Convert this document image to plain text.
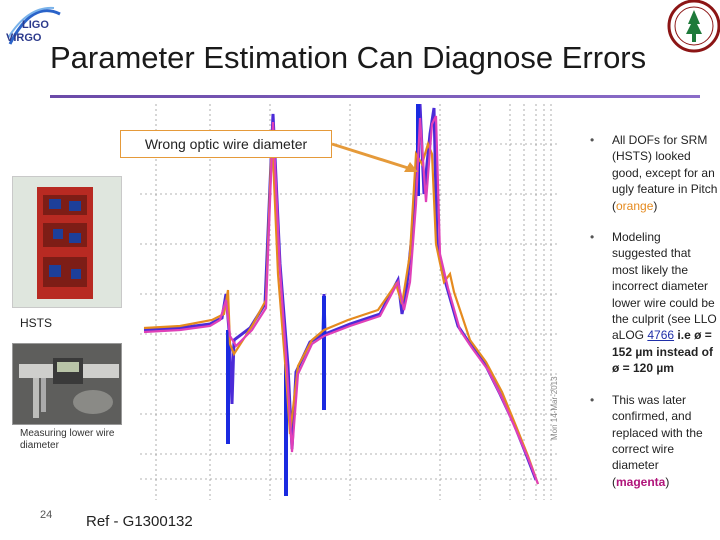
LIGO
VIRGO
Parameter Estimation Can Diagnose Errors
HSTS
Measuring lower wire diameter
Mon 14-Mar-2013
Wrong optic wire diameter	• All DOFs for SRM (HSTS) looked good, except for an ugly feature in Pitch (orange)
• Modeling suggested that most likely the incorrect diameter lower wire could be the culprit (see LLO aLOG 4766 i.e ø = 152 µm instead of ø = 120 µm
• This was later confirmed, and replaced with the correct wire diameter (magenta)
24 Ref - G1300132
